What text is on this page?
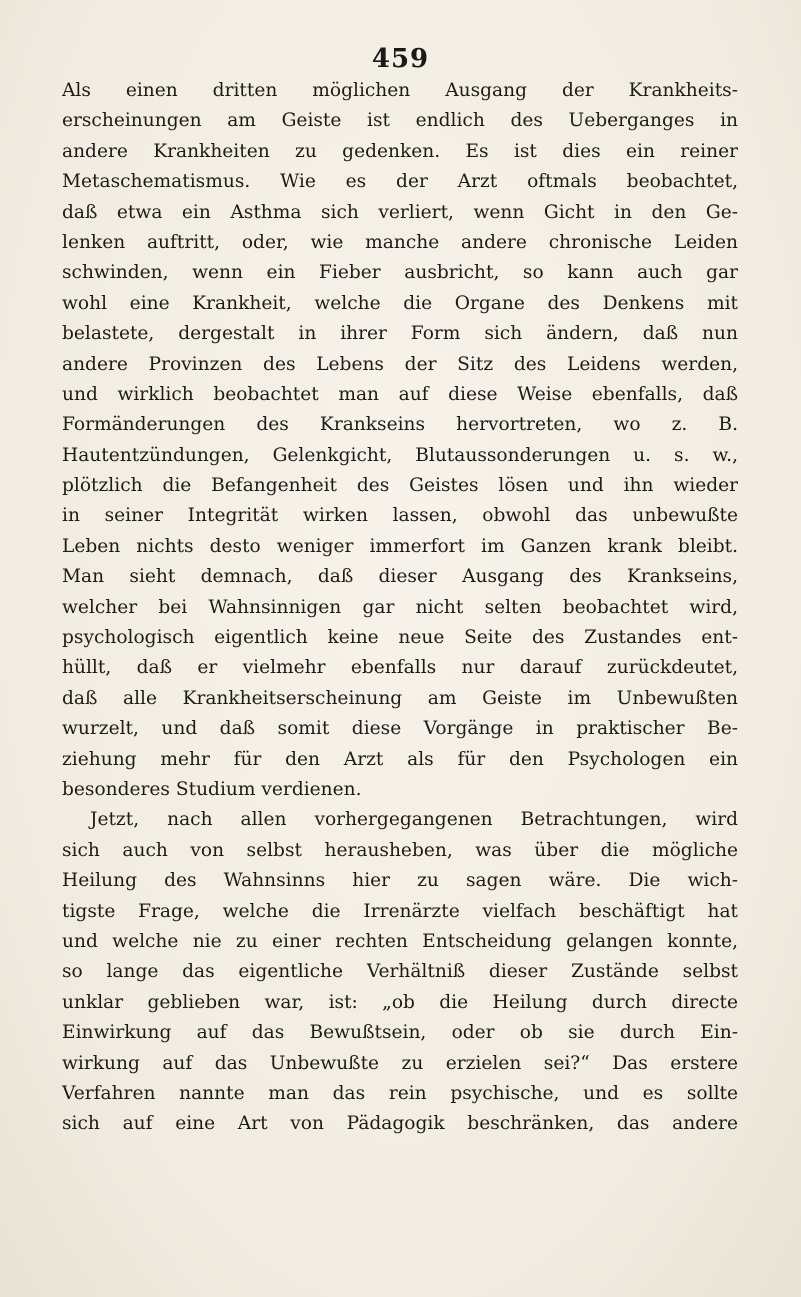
459
Als einen dritten möglichen Ausgang der Krankheits-
erscheinungen am Geiste ist endlich des Ueberganges in
andere Krankheiten zu gedenken. Es ist dies ein reiner
Metaschematismus. Wie es der Arzt oftmals beobachtet,
daß etwa ein Asthma sich verliert, wenn Gicht in den Ge-
lenken auftritt, oder, wie manche andere chronische Leiden
schwinden, wenn ein Fieber ausbricht, so kann auch gar
wohl eine Krankheit, welche die Organe des Denkens mit
belastete, dergestalt in ihrer Form sich ändern, daß nun
andere Provinzen des Lebens der Sitz des Leidens werden,
und wirklich beobachtet man auf diese Weise ebenfalls, daß
Formänderungen des Krankseins hervortreten, wo z. B.
Hautentzündungen, Gelenkgicht, Blutaussonderungen u. s. w.,
plötzlich die Befangenheit des Geistes lösen und ihn wieder
in seiner Integrität wirken lassen, obwohl das unbewußte
Leben nichts desto weniger immerfort im Ganzen krank bleibt.
Man sieht demnach, daß dieser Ausgang des Krankseins,
welcher bei Wahnsinnigen gar nicht selten beobachtet wird,
psychologisch eigentlich keine neue Seite des Zustandes ent-
hüllt, daß er vielmehr ebenfalls nur darauf zurückdeutet,
daß alle Krankheitserscheinung am Geiste im Unbewußten
wurzelt, und daß somit diese Vorgänge in praktischer Be-
ziehung mehr für den Arzt als für den Psychologen ein
besonderes Studium verdienen.
Jetzt, nach allen vorhergegangenen Betrachtungen, wird
sich auch von selbst herausheben, was über die mögliche
Heilung des Wahnsinns hier zu sagen wäre. Die wich-
tigste Frage, welche die Irrenärzte vielfach beschäftigt hat
und welche nie zu einer rechten Entscheidung gelangen konnte,
so lange das eigentliche Verhältniß dieser Zustände selbst
unklar geblieben war, ist: „ob die Heilung durch directe
Einwirkung auf das Bewußtsein, oder ob sie durch Ein-
wirkung auf das Unbewußte zu erzielen sei?“ Das erstere
Verfahren nannte man das rein psychische, und es sollte
sich auf eine Art von Pädagogik beschränken, das andere
